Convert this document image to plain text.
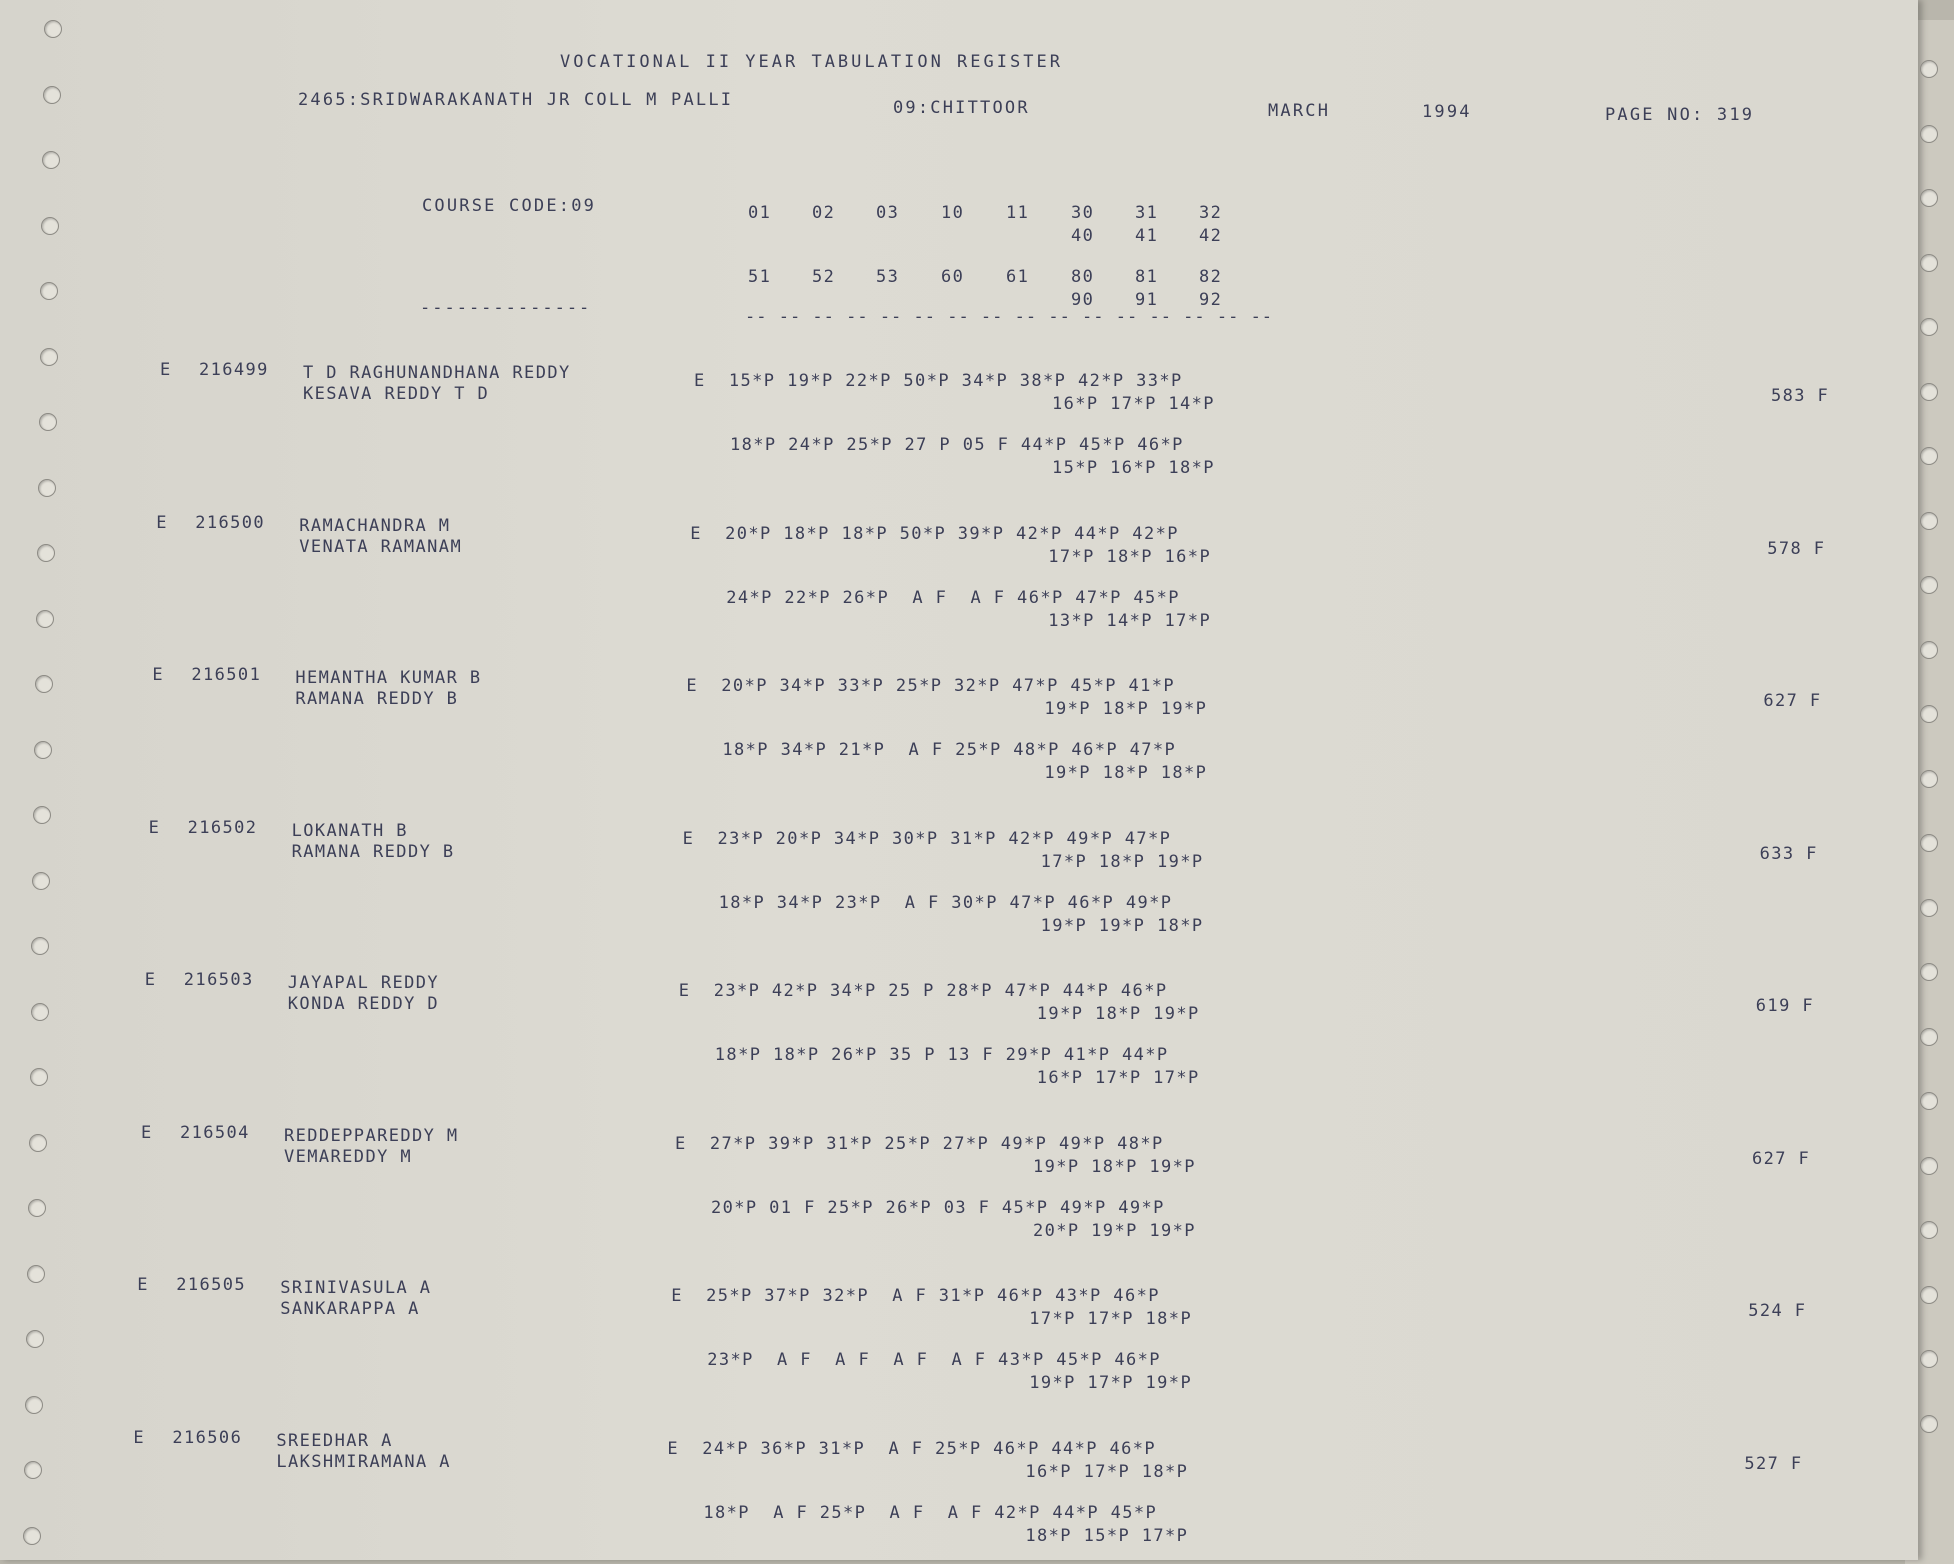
VOCATIONAL II YEAR TABULATION REGISTER
2465:SRIDWARAKANATH JR COLL M PALLI	09:CHITTOOR	MARCH	1994	PAGE NO: 319
COURSE CODE:09
--------------
01 02 03 10 11 30 31 32
40 41 42
51 52 53 60 61 80 81 82
90 91 92
-- -- -- -- -- -- -- -- -- -- -- -- -- -- -- --
E 216499 T D RAGHUNANDHANA REDDY
KESAVA REDDY T D
E  15*P 19*P 22*P 50*P 34*P 38*P 42*P 33*P
16*P 17*P 14*P
18*P 24*P 25*P 27 P 05 F 44*P 45*P 46*P
15*P 16*P 18*P
583 F
E 216500 RAMACHANDRA M
VENATA RAMANAM
E  20*P 18*P 18*P 50*P 39*P 42*P 44*P 42*P
17*P 18*P 16*P
24*P 22*P 26*P  A F  A F 46*P 47*P 45*P
13*P 14*P 17*P
578 F
E 216501 HEMANTHA KUMAR B
RAMANA REDDY B
E  20*P 34*P 33*P 25*P 32*P 47*P 45*P 41*P
19*P 18*P 19*P
18*P 34*P 21*P  A F 25*P 48*P 46*P 47*P
19*P 18*P 18*P
627 F
E 216502 LOKANATH B
RAMANA REDDY B
E  23*P 20*P 34*P 30*P 31*P 42*P 49*P 47*P
17*P 18*P 19*P
18*P 34*P 23*P  A F 30*P 47*P 46*P 49*P
19*P 19*P 18*P
633 F
E 216503 JAYAPAL REDDY
KONDA REDDY D
E  23*P 42*P 34*P 25 P 28*P 47*P 44*P 46*P
19*P 18*P 19*P
18*P 18*P 26*P 35 P 13 F 29*P 41*P 44*P
16*P 17*P 17*P
619 F
E 216504 REDDEPPAREDDY M
VEMAREDDY M
E  27*P 39*P 31*P 25*P 27*P 49*P 49*P 48*P
19*P 18*P 19*P
20*P 01 F 25*P 26*P 03 F 45*P 49*P 49*P
20*P 19*P 19*P
627 F
E 216505 SRINIVASULA A
SANKARAPPA A
E  25*P 37*P 32*P  A F 31*P 46*P 43*P 46*P
17*P 17*P 18*P
23*P  A F  A F  A F  A F 43*P 45*P 46*P
19*P 17*P 19*P
524 F
E 216506 SREEDHAR A
LAKSHMIRAMANA A
E  24*P 36*P 31*P  A F 25*P 46*P 44*P 46*P
16*P 17*P 18*P
18*P  A F 25*P  A F  A F 42*P 44*P 45*P
18*P 15*P 17*P
527 F
